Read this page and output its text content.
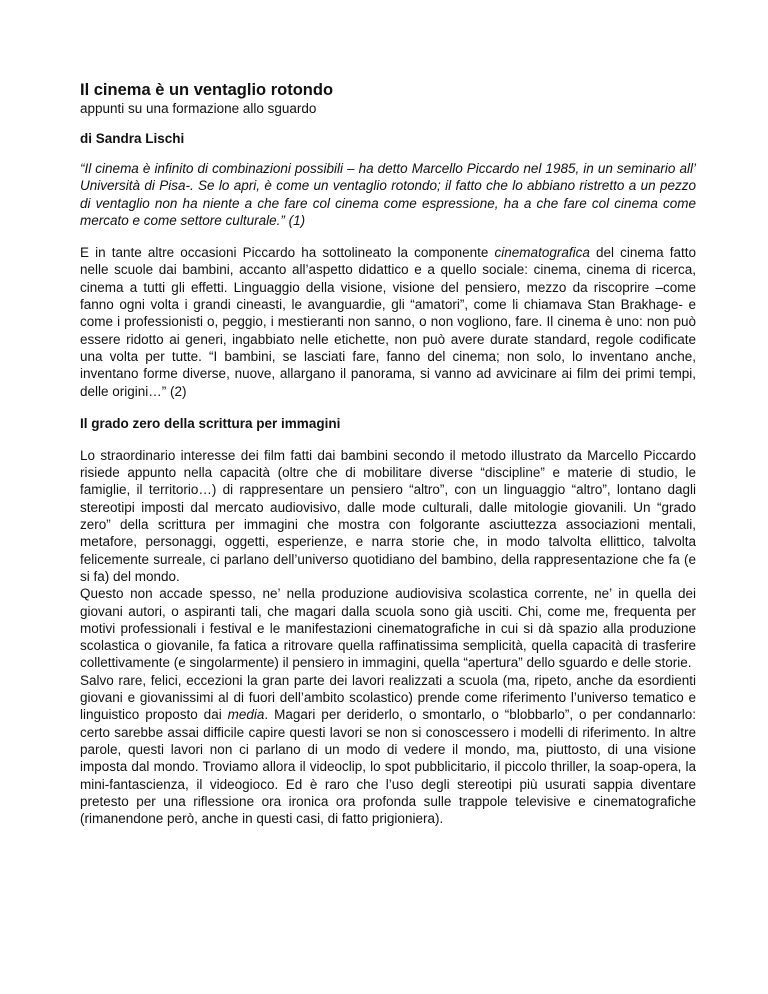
Il cinema è un ventaglio rotondo
appunti su una formazione allo sguardo
di Sandra Lischi

“Il cinema è infinito di combinazioni possibili – ha detto Marcello Piccardo nel 1985, in un seminario all’ Università di Pisa-. Se lo apri, è come un ventaglio rotondo; il fatto che lo abbiano ristretto a un pezzo di ventaglio non ha niente a che fare col cinema come espressione, ha a che fare col cinema come mercato e come settore culturale.” (1)

E in tante altre occasioni Piccardo ha sottolineato la componente cinematografica del cinema fatto nelle scuole dai bambini, accanto all’aspetto didattico e a quello sociale: cinema, cinema di ricerca, cinema a tutti gli effetti. Linguaggio della visione, visione del pensiero, mezzo da riscoprire –come fanno ogni volta i grandi cineasti, le avanguardie, gli “amatori”, come li chiamava Stan Brakhage- e come i professionisti o, peggio, i mestieranti non sanno, o non vogliono, fare. Il cinema è uno: non può essere ridotto ai generi, ingabbiato nelle etichette, non può avere durate standard, regole codificate una volta per tutte. “I bambini, se lasciati fare, fanno del cinema; non solo, lo inventano anche, inventano forme diverse, nuove, allargano il panorama, si vanno ad avvicinare ai film dei primi tempi, delle origini…” (2)

Il grado zero della scrittura per immagini

Lo straordinario interesse dei film fatti dai bambini secondo il metodo illustrato da Marcello Piccardo risiede appunto nella capacità (oltre che di mobilitare diverse “discipline” e materie di studio, le famiglie, il territorio…) di rappresentare un pensiero “altro”, con un linguaggio “altro”, lontano dagli stereotipi imposti dal mercato audiovisivo, dalle mode culturali, dalle mitologie giovanili. Un “grado zero” della scrittura per immagini che mostra con folgorante asciuttezza associazioni mentali, metafore, personaggi, oggetti, esperienze, e narra storie che, in modo talvolta ellittico, talvolta felicemente surreale, ci parlano dell’universo quotidiano del bambino, della rappresentazione che fa (e si fa) del mondo.

Questo non accade spesso, ne’ nella produzione audiovisiva scolastica corrente, ne’ in quella dei giovani autori, o aspiranti tali, che magari dalla scuola sono già usciti. Chi, come me, frequenta per motivi professionali i festival e le manifestazioni cinematografiche in cui si dà spazio alla produzione scolastica o giovanile, fa fatica a ritrovare quella raffinatissima semplicità, quella capacità di trasferire collettivamente (e singolarmente) il pensiero in immagini, quella “apertura” dello sguardo e delle storie.

Salvo rare, felici, eccezioni la gran parte dei lavori realizzati a scuola (ma, ripeto, anche da esordienti giovani e giovanissimi al di fuori dell’ambito scolastico) prende come riferimento l’universo tematico e linguistico proposto dai media. Magari per deriderlo, o smontarlo, o “blobbarlo”, o per condannarlo: certo sarebbe assai difficile capire questi lavori se non si conoscessero i modelli di riferimento. In altre parole, questi lavori non ci parlano di un modo di vedere il mondo, ma, piuttosto, di una visione imposta dal mondo. Troviamo allora il videoclip, lo spot pubblicitario, il piccolo thriller, la soap-opera, la mini-fantascienza, il videogioco. Ed è raro che l’uso degli stereotipi più usurati sappia diventare pretesto per una riflessione ora ironica ora profonda sulle trappole televisive e cinematografiche (rimanendone però, anche in questi casi, di fatto prigioniera).
